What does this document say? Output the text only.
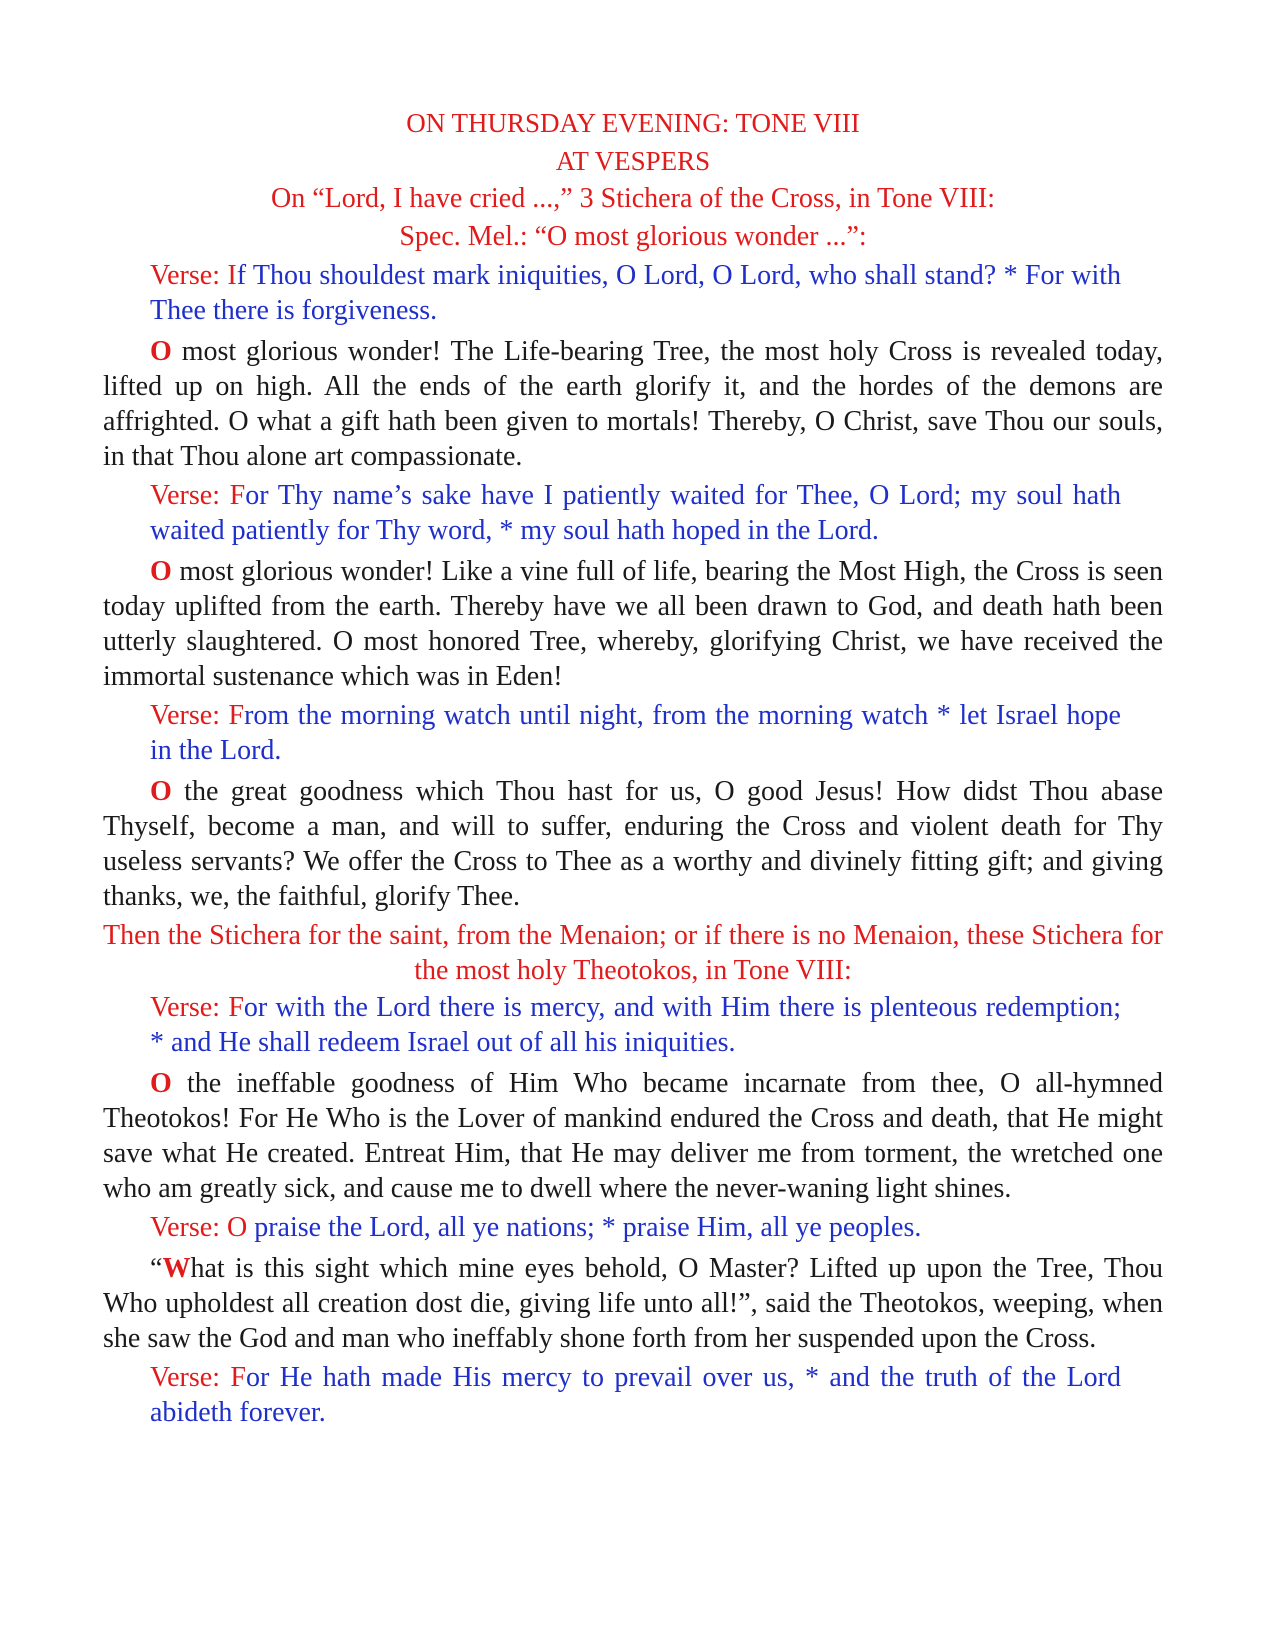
ON THURSDAY EVENING: TONE VIII

AT VESPERS

On “Lord, I have cried ...,” 3 Stichera of the Cross, in Tone VIII:

Spec. Mel.: “O most glorious wonder ...”:

Verse: If Thou shouldest mark iniquities, O Lord, O Lord, who shall stand? * For with Thee there is forgiveness.

O most glorious wonder! The Life-bearing Tree, the most holy Cross is revealed today, lifted up on high. All the ends of the earth glorify it, and the hordes of the demons are affrighted. O what a gift hath been given to mortals! Thereby, O Christ, save Thou our souls, in that Thou alone art compassionate.

Verse: For Thy name’s sake have I patiently waited for Thee, O Lord; my soul hath waited patiently for Thy word, * my soul hath hoped in the Lord.

O most glorious wonder! Like a vine full of life, bearing the Most High, the Cross is seen today uplifted from the earth. Thereby have we all been drawn to God, and death hath been utterly slaughtered. O most honored Tree, whereby, glorifying Christ, we have received the immortal sustenance which was in Eden!

Verse: From the morning watch until night, from the morning watch * let Israel hope in the Lord.

O the great goodness which Thou hast for us, O good Jesus! How didst Thou abase Thyself, become a man, and will to suffer, enduring the Cross and violent death for Thy useless servants? We offer the Cross to Thee as a worthy and divinely fitting gift; and giving thanks, we, the faithful, glorify Thee.

Then the Stichera for the saint, from the Menaion; or if there is no Menaion, these Stichera for the most holy Theotokos, in Tone VIII:

Verse: For with the Lord there is mercy, and with Him there is plenteous redemption; * and He shall redeem Israel out of all his iniquities.

O the ineffable goodness of Him Who became incarnate from thee, O all-hymned Theotokos! For He Who is the Lover of mankind endured the Cross and death, that He might save what He created. Entreat Him, that He may deliver me from torment, the wretched one who am greatly sick, and cause me to dwell where the never-waning light shines.

Verse: O praise the Lord, all ye nations; * praise Him, all ye peoples.

“What is this sight which mine eyes behold, O Master? Lifted up upon the Tree, Thou Who upholdest all creation dost die, giving life unto all!”, said the Theotokos, weeping, when she saw the God and man who ineffably shone forth from her suspended upon the Cross.

Verse: For He hath made His mercy to prevail over us, * and the truth of the Lord abideth forever.
